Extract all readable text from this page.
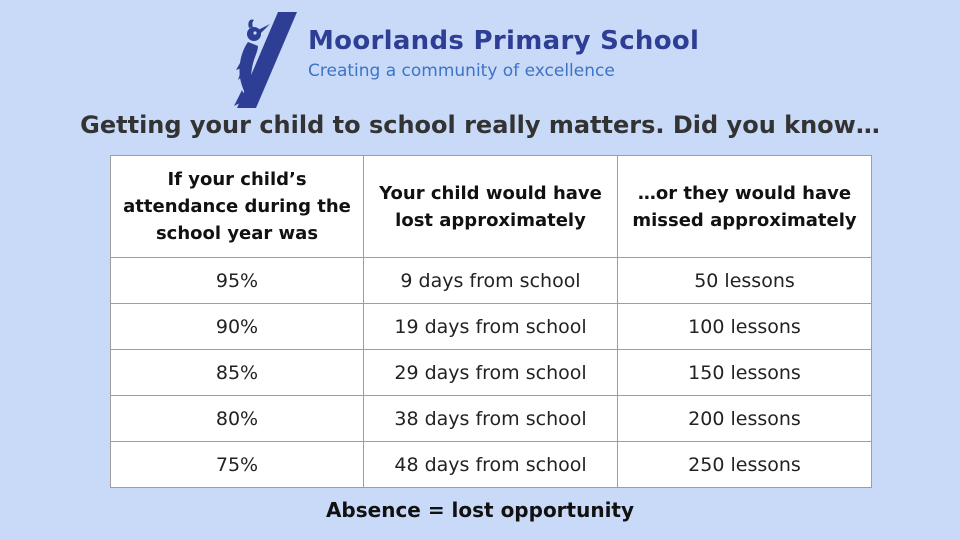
Moorlands Primary School
Creating a community of excellence
Getting your child to school really matters. Did you know…
If your child’s attendance during the school year was	Your child would have lost approximately	…or they would have missed approximately
95%	9 days from school	50 lessons
90%	19 days from school	100 lessons
85%	29 days from school	150 lessons
80%	38 days from school	200 lessons
75%	48 days from school	250 lessons
Absence = lost opportunity
